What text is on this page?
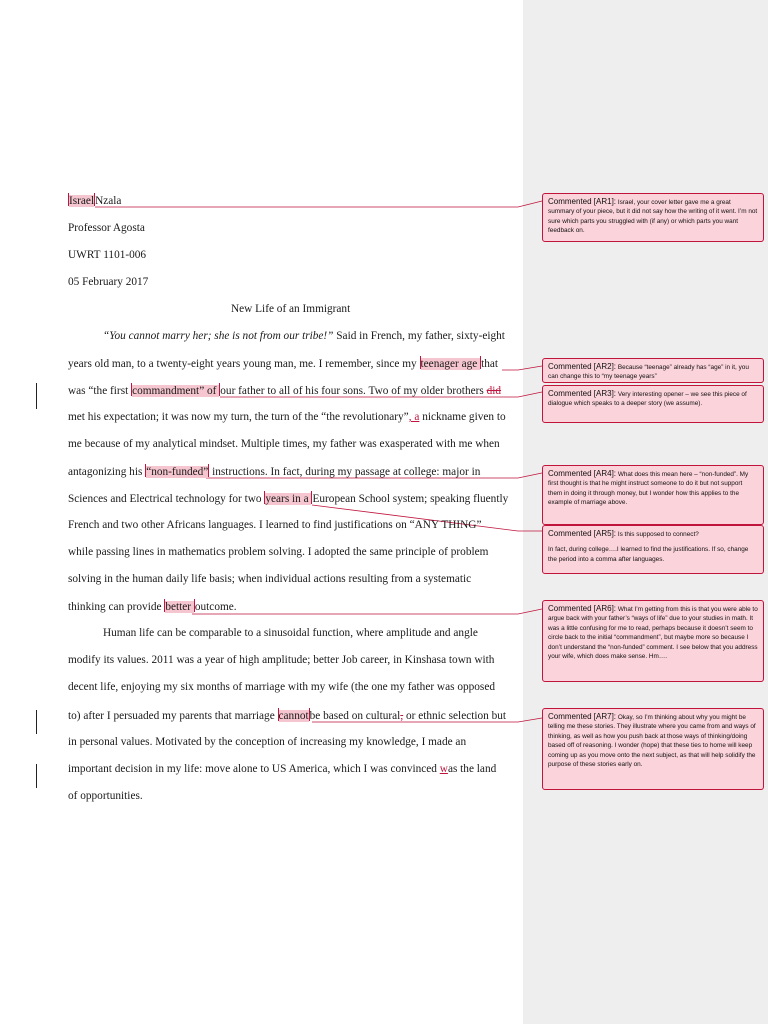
IsraelNzala
Professor Agosta
UWRT 1101-006
05 February 2017
New Life of an Immigrant
“You cannot marry her; she is not from our tribe!” Said in French, my father, sixty-eight
years old man, to a twenty-eight years young man, me. I remember, since my teenager age that
was “the first commandment” of our father to all of his four sons. Two of my older brothers did
met his expectation; it was now my turn, the turn of the “the revolutionary”, a nickname given to
me because of my analytical mindset. Multiple times, my father was exasperated with me when
antagonizing his “non-funded” instructions. In fact, during my passage at college: major in
Sciences and Electrical technology for two years in a European School system; speaking fluently
French and two other Africans languages. I learned to find justifications on “ANY THING”
while passing lines in mathematics problem solving. I adopted the same principle of problem
solving in the human daily life basis; when individual actions resulting from a systematic
thinking can provide better outcome.
Human life can be comparable to a sinusoidal function, where amplitude and angle
modify its values. 2011 was a year of high amplitude; better Job career, in Kinshasa town with
decent life, enjoying my six months of marriage with my wife (the one my father was opposed
to) after I persuaded my parents that marriage cannotbe based on cultural, or ethnic selection but
in personal values. Motivated by the conception of increasing my knowledge, I made an
important decision in my life: move alone to US America, which I was convinced was the land
of opportunities.
Commented [AR1]: Israel, your cover letter gave me a great summary of your piece, but it did not say how the writing of it went. I’m not sure which parts you struggled with (if any) or which parts you want feedback on.
Commented [AR2]: Because “teenage” already has “age” in it, you can change this to “my teenage years”
Commented [AR3]: Very interesting opener – we see this piece of dialogue which speaks to a deeper story (we assume).
Commented [AR4]: What does this mean here – “non-funded”. My first thought is that he might instruct someone to do it but not support them in doing it through money, but I wonder how this applies to the example of marriage above.

Commented [AR5]: Is this supposed to connect?

In fact, during college….I learned to find the justifications. If so, change the period into a comma after languages.

Commented [AR6]: What I’m getting from this is that you were able to argue back with your father’s “ways of life” due to your studies in math. It was a little confusing for me to read, perhaps because it doesn’t seem to circle back to the initial “commandment”, but maybe more so because I don’t understand the “non-funded” comment. I see below that you address your wife, which does make sense. Hm….
Commented [AR7]: Okay, so I’m thinking about why you might be telling me these stories. They illustrate where you came from and ways of thinking, as well as how you push back at those ways of thinking/doing based off of reasoning. I wonder (hope) that these ties to home will keep coming up as you move onto the next subject, as that will help solidify the purpose of these stories early on.
